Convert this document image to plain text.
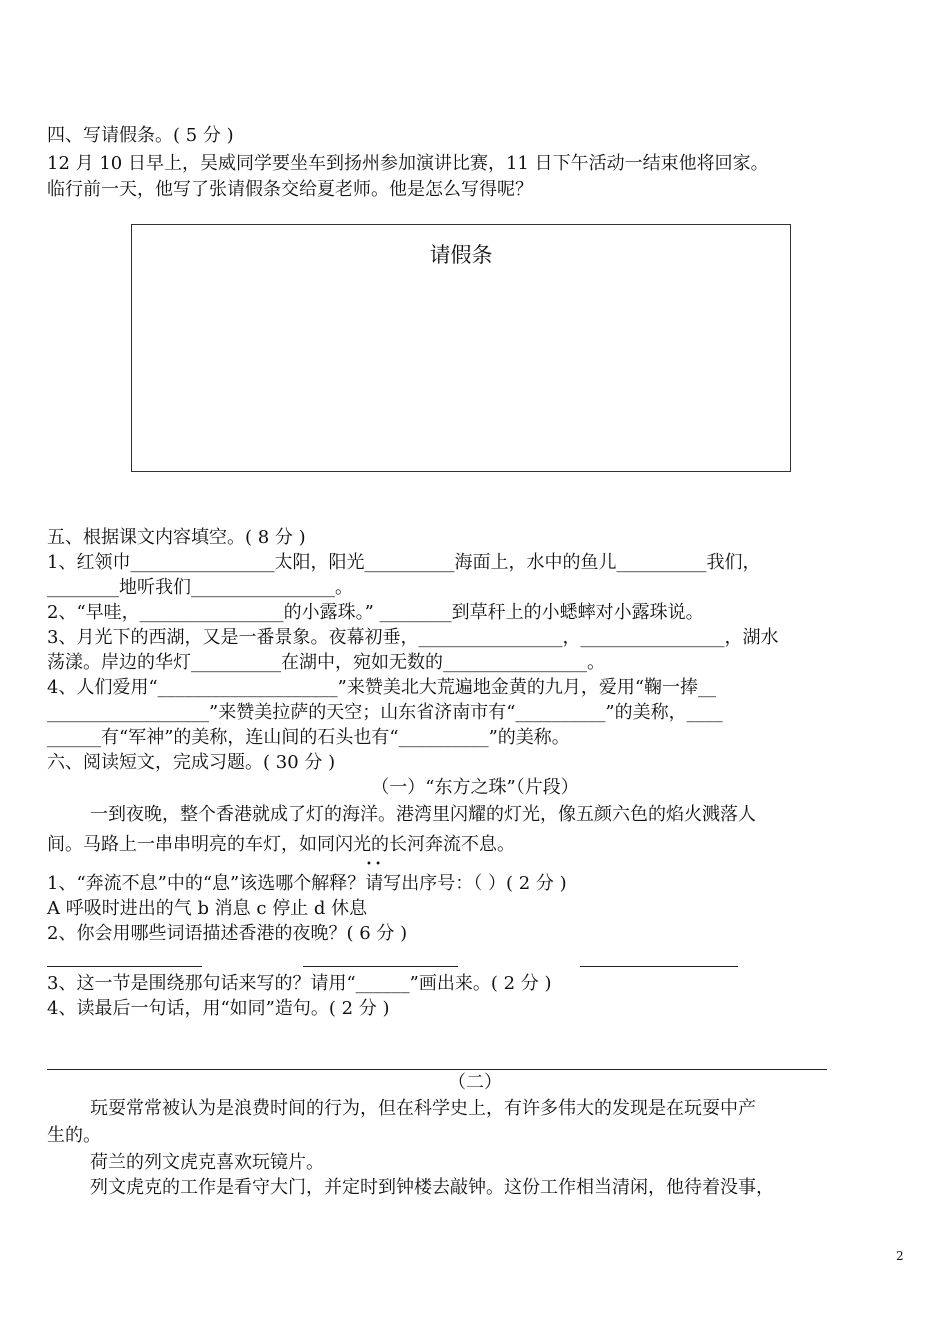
四、写请假条。( 5 分 )
12 月 10 日早上，吴威同学要坐车到扬州参加演讲比赛，11 日下午活动一结束他将回家。
临行前一天，他写了张请假条交给夏老师。他是怎么写得呢？
请假条
五、根据课文内容填空。( 8 分 )
1、红领巾________________太阳，阳光__________海面上，水中的鱼儿__________我们，
________地听我们________________。
2、“早哇，________________的小露珠。” ________到草秆上的小蟋蟀对小露珠说。
3、月光下的西湖，又是一番景象。夜幕初垂，________________，________________，湖水
荡漾。岸边的华灯__________在湖中，宛如无数的________________。
4、人们爱用“____________________”来赞美北大荒遍地金黄的九月，爱用“鞠一捧__
__________________”来赞美拉萨的天空；山东省济南市有“__________”的美称，____
______有“军神”的美称，连山间的石头也有“__________”的美称。
六、阅读短文，完成习题。( 30 分 )
（一）“东方之珠”（片段）
一到夜晚，整个香港就成了灯的海洋。港湾里闪耀的灯光，像五颜六色的焰火溅落人
间。马路上一串串明亮的车灯，如同闪光的长河奔流不息。
• •
1、“奔流不息”中的“息”该选哪个解释？请写出序号：（ ）( 2 分 )
A 呼吸时进出的气 b 消息 c 停止 d 休息
2、你会用哪些词语描述香港的夜晚？( 6 分 )
3、这一节是围绕那句话来写的？请用“______”画出来。( 2 分 )
4、读最后一句话，用“如同”造句。( 2 分 )
（二）
玩耍常常被认为是浪费时间的行为，但在科学史上，有许多伟大的发现是在玩耍中产
生的。
荷兰的列文虎克喜欢玩镜片。
列文虎克的工作是看守大门，并定时到钟楼去敲钟。这份工作相当清闲，他待着没事，
2
